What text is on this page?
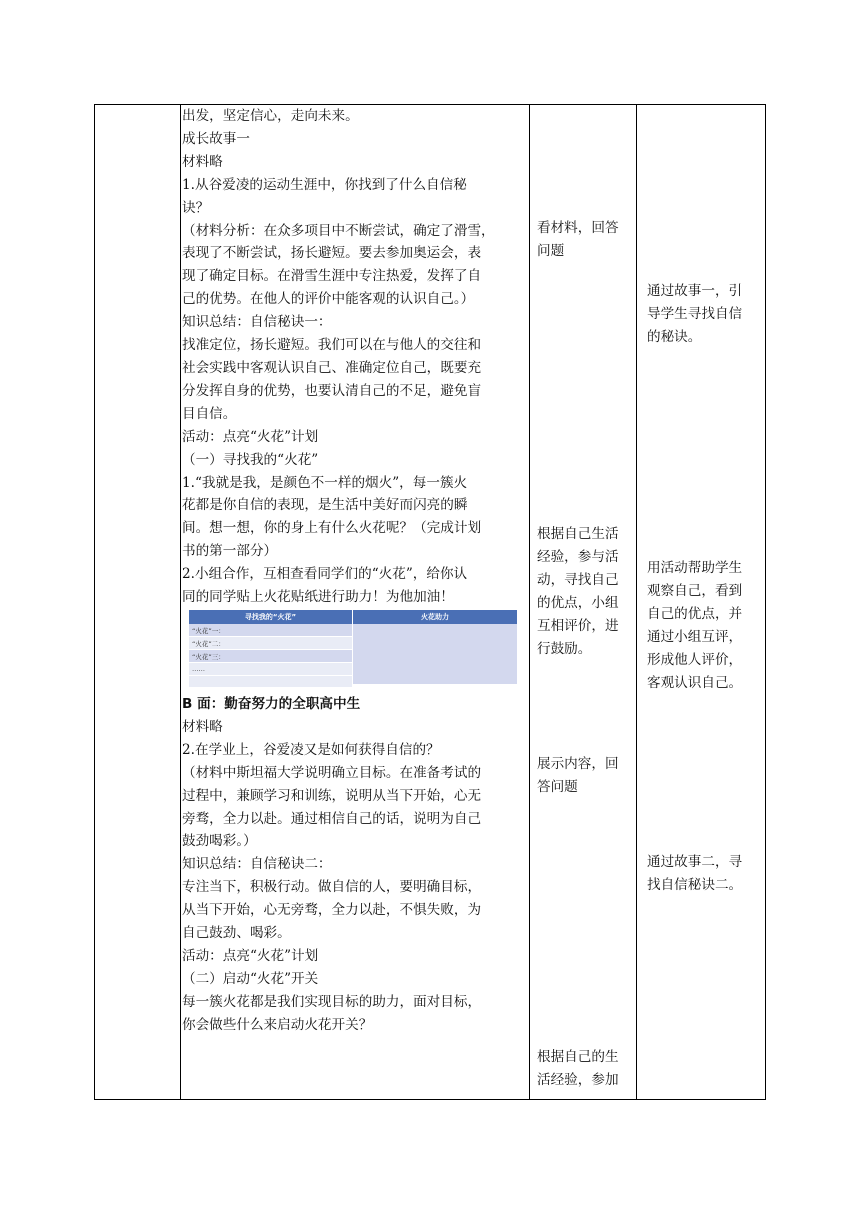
出发，坚定信心，走向未来。
成长故事一
材料略
1.从谷爱凌的运动生涯中，你找到了什么自信秘
诀？
（材料分析：在众多项目中不断尝试，确定了滑雪，
表现了不断尝试，扬长避短。要去参加奥运会，表
现了确定目标。在滑雪生涯中专注热爱，发挥了自
己的优势。在他人的评价中能客观的认识自己。）
知识总结：自信秘诀一：
找准定位，扬长避短。我们可以在与他人的交往和
社会实践中客观认识自己、准确定位自己，既要充
分发挥自身的优势，也要认清自己的不足，避免盲
目自信。
活动：点亮“火花”计划
（一）寻找我的“火花”
1.“我就是我，是颜色不一样的烟火”，每一簇火
花都是你自信的表现，是生活中美好而闪亮的瞬
间。想一想，你的身上有什么火花呢？（完成计划
书的第一部分）
2.小组合作，互相查看同学们的“火花”，给你认
同的同学贴上火花贴纸进行助力！为他加油！
寻找我的“火花”	火花助力
“火花”一：
“火花”二：
“火花”三：
……
B 面：勤奋努力的全职高中生
材料略
2.在学业上，谷爱凌又是如何获得自信的？
（材料中斯坦福大学说明确立目标。在准备考试的
过程中，兼顾学习和训练，说明从当下开始，心无
旁骛，全力以赴。通过相信自己的话，说明为自己
鼓劲喝彩。）
知识总结：自信秘诀二：
专注当下，积极行动。做自信的人，要明确目标，
从当下开始，心无旁骛，全力以赴，不惧失败，为
自己鼓劲、喝彩。
活动：点亮“火花”计划
（二）启动“火花”开关
每一簇火花都是我们实现目标的助力，面对目标，
你会做些什么来启动火花开关？
看材料，回答
问题
根据自己生活
经验，参与活
动，寻找自己
的优点，小组
互相评价，进
行鼓励。
展示内容，回
答问题
根据自己的生
活经验，参加
通过故事一，引
导学生寻找自信
的秘诀。
用活动帮助学生
观察自己，看到
自己的优点，并
通过小组互评，
形成他人评价，
客观认识自己。
通过故事二，寻
找自信秘诀二。
